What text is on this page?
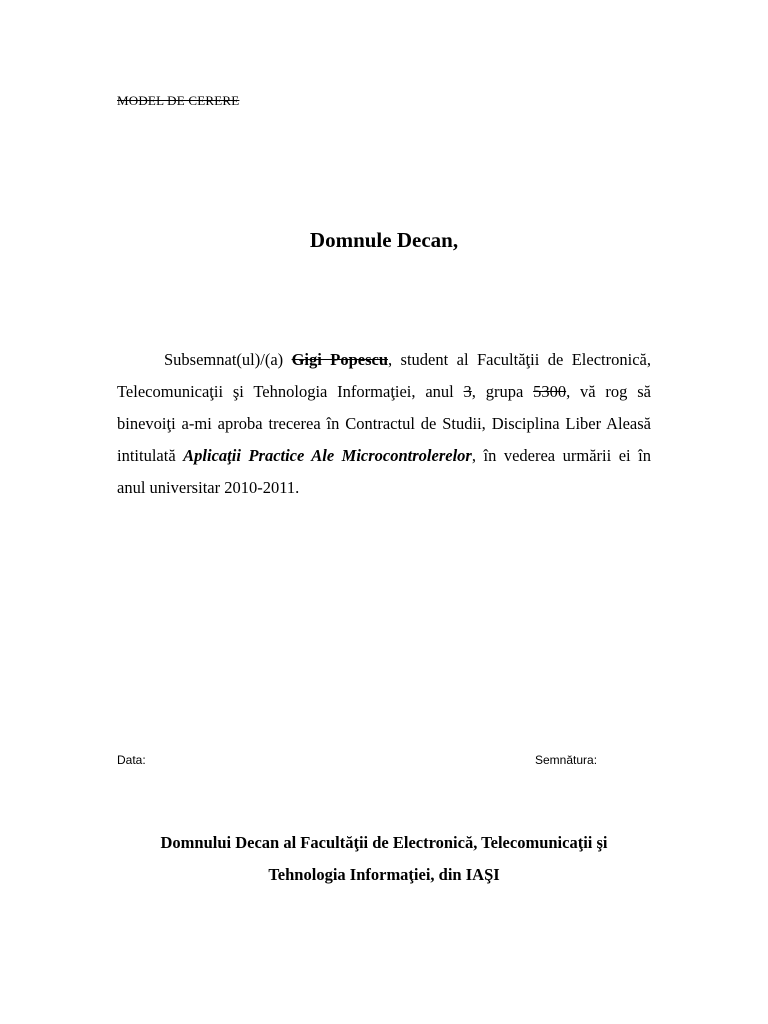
MODEL DE CERERE
Domnule Decan,
Subsemnat(ul)/(a) Gigi Popescu, student al Facultăţii de Electronică, Telecomunicaţii şi Tehnologia Informaţiei, anul 3, grupa 5300, vă rog să binevoiţi a-mi aproba trecerea în Contractul de Studii, Disciplina Liber Aleasă intitulată Aplicaţii Practice Ale Microcontrolerelor, în vederea urmării ei în anul universitar 2010-2011.
Data:	Semnătura:
Domnului Decan al Facultăţii de Electronică, Telecomunicaţii şi
Tehnologia Informaţiei, din IAŞI
